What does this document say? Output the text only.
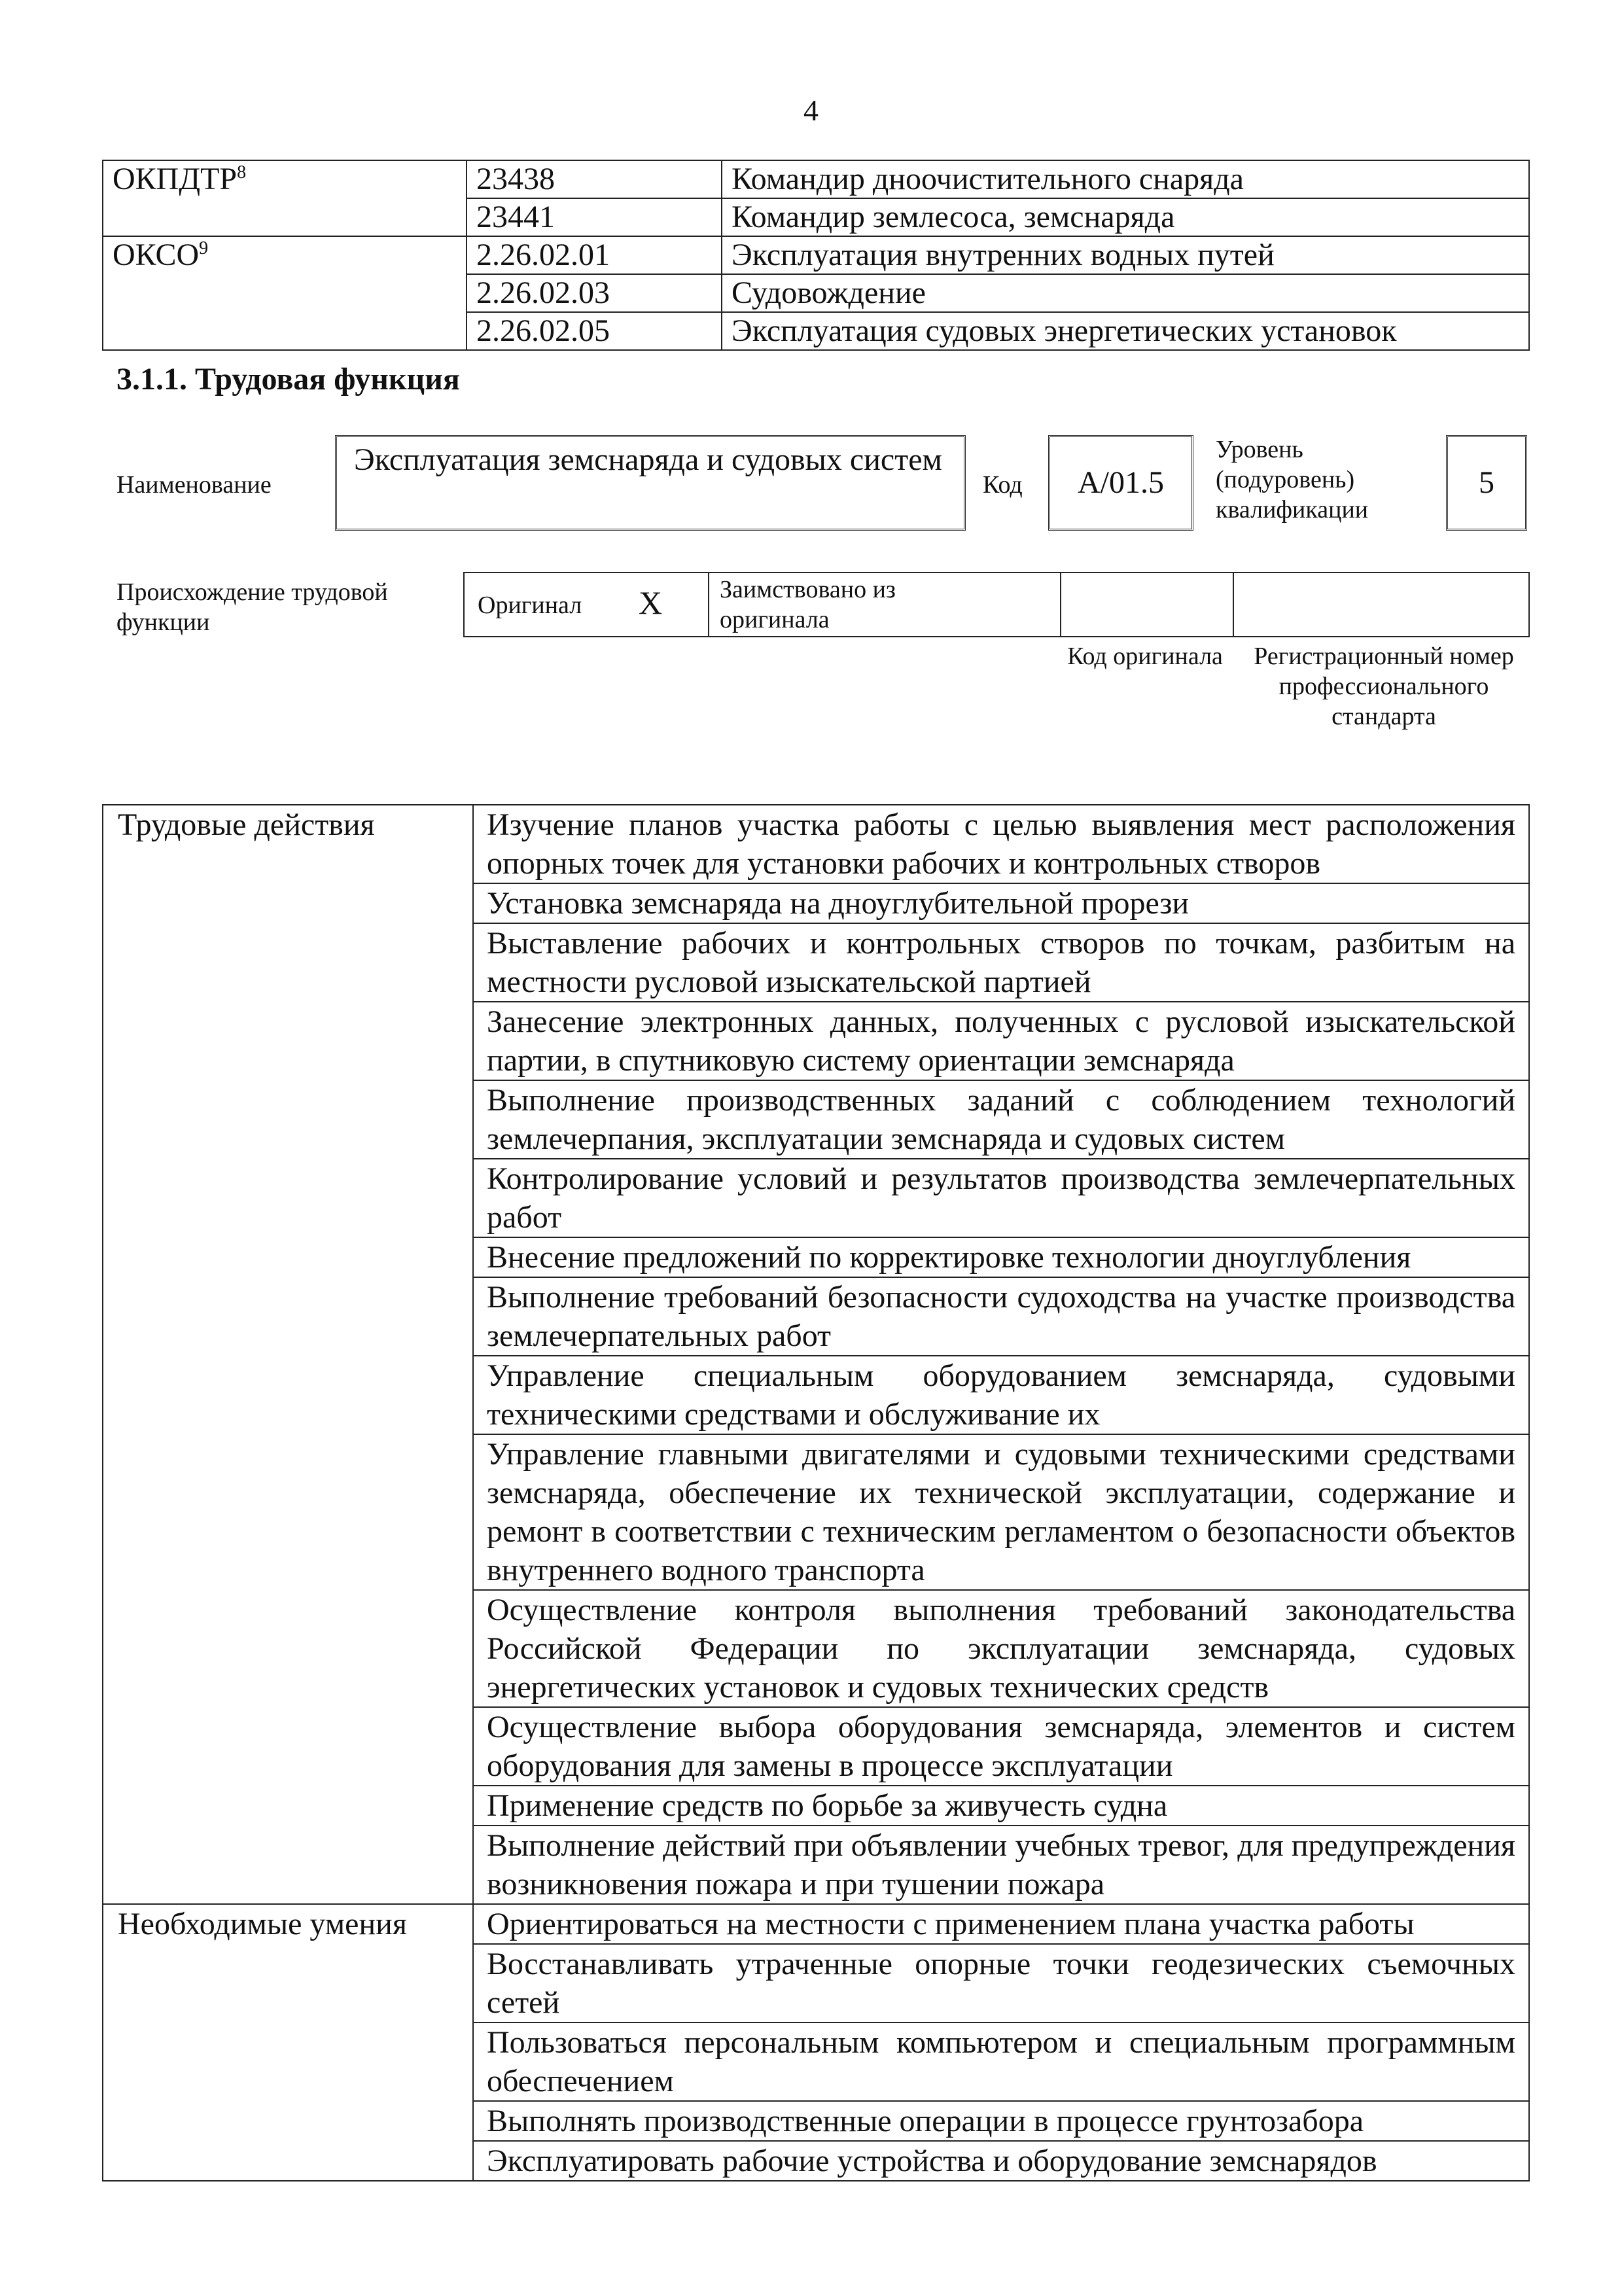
4
ОКПДТР$^8$	23438	Командир дноочистительного снаряда
	23441	Командир землесоса, земснаряда
ОКСО$^9$	2.26.02.01	Эксплуатация внутренних водных путей
	2.26.02.03	Судовождение
	2.26.02.05	Эксплуатация судовых энергетических установок
3.1.1. Трудовая функция
Наименование
Эксплуатация земснаряда и судовых систем
Код	A/01.5
Уровень (подуровень) квалификации
5
Происхождение трудовой функции
Оригинал X Заимствовано из оригинала
Код оригинала	Регистрационный номер профессионального стандарта
Трудовые действия	Изучение планов участка работы с целью выявления мест расположения опорных точек для установки рабочих и контрольных створов
	Установка земснаряда на дноуглубительной прорези
	Выставление рабочих и контрольных створов по точкам, разбитым на местности русловой изыскательской партией
	Занесение электронных данных, полученных с русловой изыскательской партии, в спутниковую систему ориентации земснаряда
	Выполнение производственных заданий с соблюдением технологий землечерпания, эксплуатации земснаряда и судовых систем
	Контролирование условий и результатов производства землечерпательных работ
	Внесение предложений по корректировке технологии дноуглубления
	Выполнение требований безопасности судоходства на участке производства землечерпательных работ
	Управление специальным оборудованием земснаряда, судовыми техническими средствами и обслуживание их
	Управление главными двигателями и судовыми техническими средствами земснаряда, обеспечение их технической эксплуатации, содержание и ремонт в соответствии с техническим регламентом о безопасности объектов внутреннего водного транспорта
	Осуществление контроля выполнения требований законодательства Российской Федерации по эксплуатации земснаряда, судовых энергетических установок и судовых технических средств
	Осуществление выбора оборудования земснаряда, элементов и систем оборудования для замены в процессе эксплуатации
	Применение средств по борьбе за живучесть судна
	Выполнение действий при объявлении учебных тревог, для предупреждения возникновения пожара и при тушении пожара
Необходимые умения	Ориентироваться на местности с применением плана участка работы
	Восстанавливать утраченные опорные точки геодезических съемочных сетей
	Пользоваться персональным компьютером и специальным программным обеспечением
	Выполнять производственные операции в процессе грунтозабора
	Эксплуатировать рабочие устройства и оборудование земснарядов
